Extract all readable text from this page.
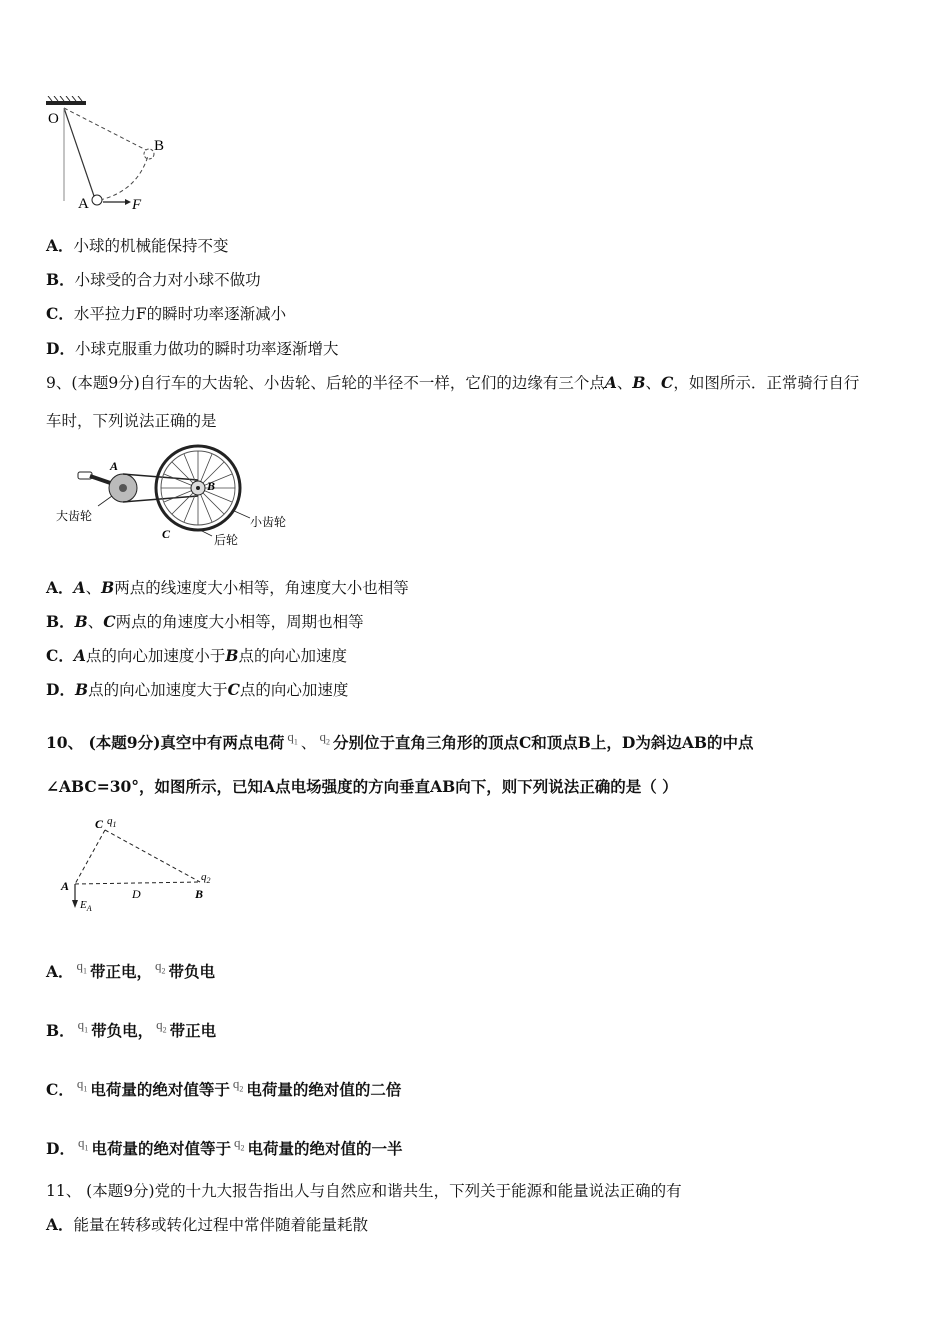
O
B
A	F
A．小球的机械能保持不变
B．小球受的合力对小球不做功
C．水平拉力F的瞬时功率逐渐减小
D．小球克服重力做功的瞬时功率逐渐增大
9、(本题9分)自行车的大齿轮、小齿轮、后轮的半径不一样，它们的边缘有三个点A、B、C，如图所示．正常骑行自行
车时，下列说法正确的是
A
B
C
大齿轮	小齿轮
后轮
A．A、B两点的线速度大小相等，角速度大小也相等
B．B、C两点的角速度大小相等，周期也相等
C．A点的向心加速度小于B点的向心加速度
D．B点的向心加速度大于C点的向心加速度
10、 (本题9分)真空中有两点电荷 $^{q_1}$ 、 $^{q_2}$ 分别位于直角三角形的顶点C和顶点B上，D为斜边AB的中点
∠ABC=30°，如图所示，已知A点电场强度的方向垂直AB向下，则下列说法正确的是（ ）
C $q_1$
A
D	B
$q_2$
$E_A$
A． $^{q_1}$ 带正电， $^{q_2}$ 带负电
B． $^{q_1}$ 带负电， $^{q_2}$ 带正电
C． $^{q_1}$ 电荷量的绝对值等于 $^{q_2}$ 电荷量的绝对值的二倍
D． $^{q_1}$ 电荷量的绝对值等于 $^{q_2}$ 电荷量的绝对值的一半
11、 (本题9分)党的十九大报告指出人与自然应和谐共生，下列关于能源和能量说法正确的有
A．能量在转移或转化过程中常伴随着能量耗散
